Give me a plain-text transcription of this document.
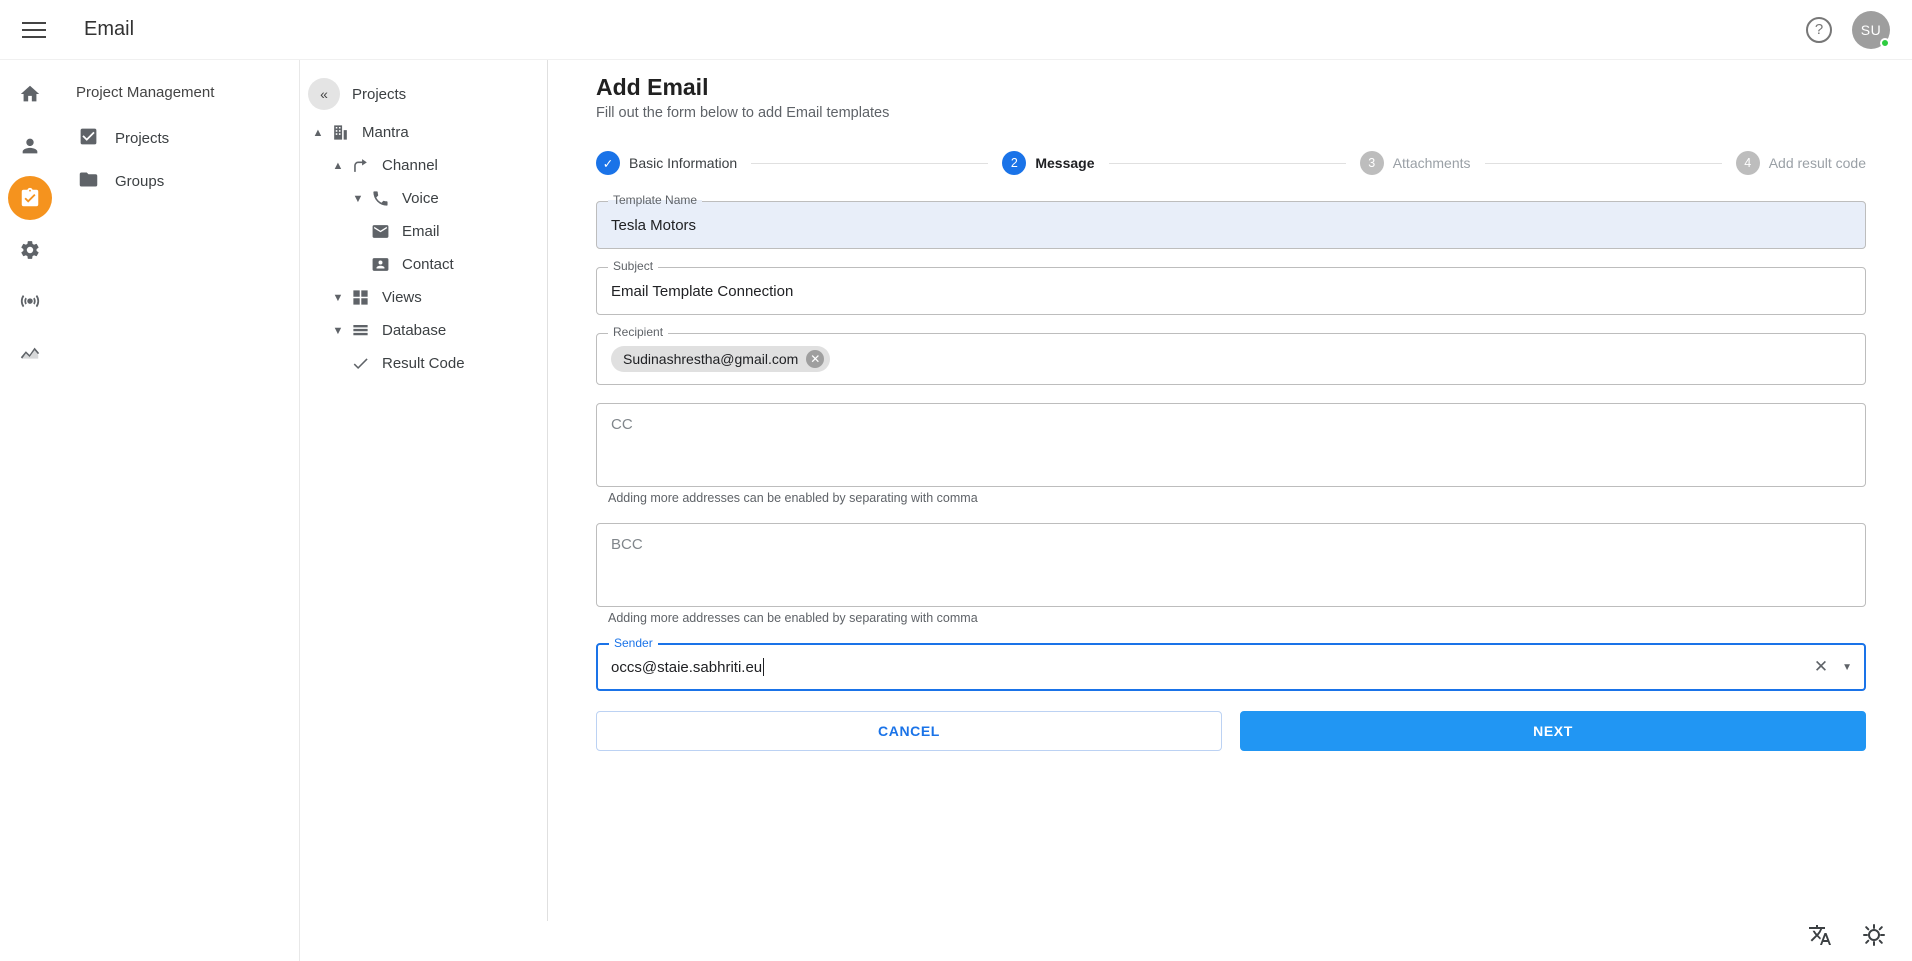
Email	?	SU
Project Management
Projects
Groups
«	Projects
▲	Mantra
▲	Channel
▼	Voice
Email
Contact
▼	Views
▼	Database
Result Code
Add Email

Fill out the form below to add Email templates

✓	Basic Information	2	Message	3	Attachments	4	Add result code
Template Name
Tesla Motors
Subject
Email Template Connection
Recipient
Sudinashrestha@gmail.com ✕
CC
Adding more addresses can be enabled by separating with comma
BCC
Adding more addresses can be enabled by separating with comma
Sender
occs@staie.sabhriti.eu	✕ ▼
CANCEL	NEXT
